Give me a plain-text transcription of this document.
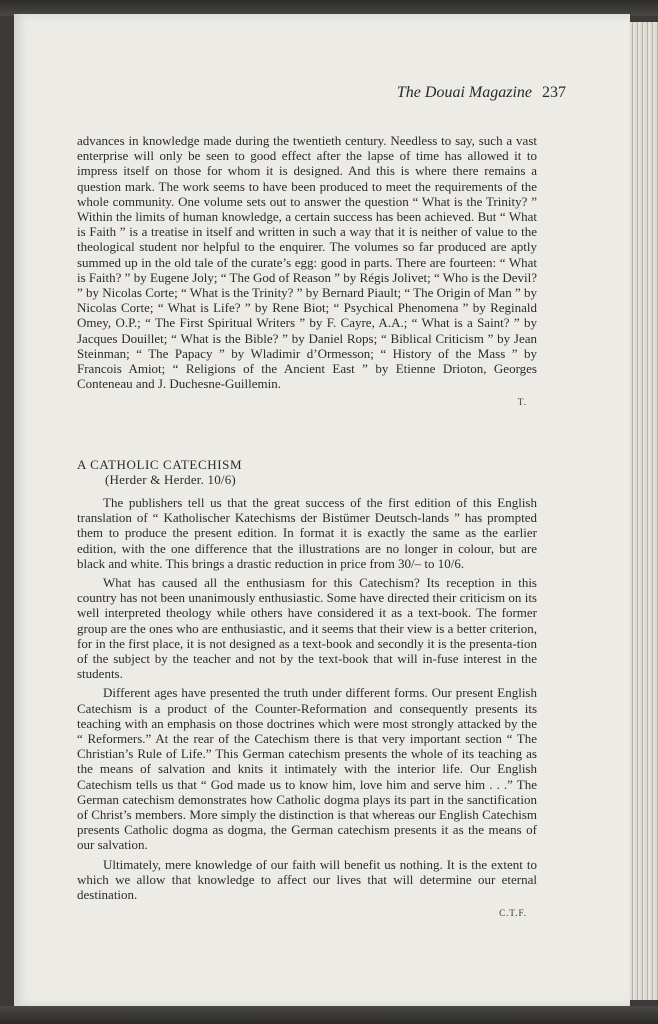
The Douai Magazine 237

advances in knowledge made during the twentieth century. Needless to say, such a vast enterprise will only be seen to good effect after the lapse of time has allowed it to impress itself on those for whom it is designed. And this is where there remains a question mark. The work seems to have been produced to meet the requirements of the whole community. One volume sets out to answer the question “ What is the Trinity? ” Within the limits of human knowledge, a certain success has been achieved. But “ What is Faith ” is a treatise in itself and written in such a way that it is neither of value to the theological student nor helpful to the enquirer. The volumes so far produced are aptly summed up in the old tale of the curate’s egg: good in parts. There are fourteen: “ What is Faith? ” by Eugene Joly; “ The God of Reason ” by Régis Jolivet; “ Who is the Devil? ” by Nicolas Corte; “ What is the Trinity? ” by Bernard Piault; “ The Origin of Man ” by Nicolas Corte; “ What is Life? ” by Rene Biot; “ Psychical Phenomena ” by Reginald Omey, O.P.; “ The First Spiritual Writers ” by F. Cayre, A.A.; “ What is a Saint? ” by Jacques Douillet; “ What is the Bible? ” by Daniel Rops; “ Biblical Criticism ” by Jean Steinman; “ The Papacy ” by Wladimir d’Ormesson; “ History of the Mass ” by Francois Amiot; “ Religions of the Ancient East ” by Etienne Drioton, Georges Conteneau and J. Duchesne-Guillemin.

T.
A CATHOLIC CATECHISM
(Herder & Herder. 10/6)

The publishers tell us that the great success of the first edition of this English translation of “ Katholischer Katechisms der Bistümer Deutsch-lands ” has prompted them to produce the present edition. In format it is exactly the same as the earlier edition, with the one difference that the illustrations are no longer in colour, but are black and white. This brings a drastic reduction in price from 30/– to 10/6.

What has caused all the enthusiasm for this Catechism? Its reception in this country has not been unanimously enthusiastic. Some have directed their criticism on its well interpreted theology while others have considered it as a text-book. The former group are the ones who are enthusiastic, and it seems that their view is a better criterion, for in the first place, it is not designed as a text-book and secondly it is the presenta-tion of the subject by the teacher and not by the text-book that will in-fuse interest in the students.

Different ages have presented the truth under different forms. Our present English Catechism is a product of the Counter-Reformation and consequently presents its teaching with an emphasis on those doctrines which were most strongly attacked by the “ Reformers.” At the rear of the Catechism there is that very important section “ The Christian’s Rule of Life.” This German catechism presents the whole of its teaching as the means of salvation and knits it intimately with the interior life. Our English Catechism tells us that “ God made us to know him, love him and serve him . . .” The German catechism demonstrates how Catholic dogma plays its part in the sanctification of Christ’s members. More simply the distinction is that whereas our English Catechism presents Catholic dogma as dogma, the German catechism presents it as the means of our salvation.

Ultimately, mere knowledge of our faith will benefit us nothing. It is the extent to which we allow that knowledge to affect our lives that will determine our eternal destination.

C.T.F.
